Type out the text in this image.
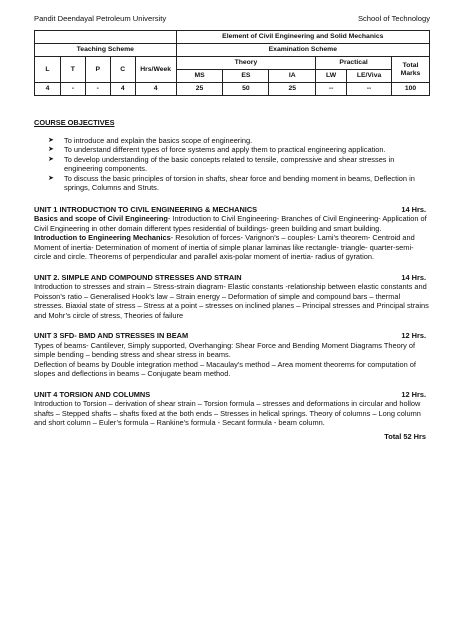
Pandit Deendayal Petroleum University	School of Technology
					Element of Civil Engineering and Solid Mechanics					
Teaching Scheme					Examination Scheme					
L	T	P	C	Hrs/Week	Theory			Practical		Total Marks
					MS	ES	IA	LW	LE/Viva	
4	-	-	4	4	25	50	25	--	--	100
COURSE OBJECTIVES
➤ To introduce and explain the basics scope of engineering.
➤ To understand different types of force systems and apply them to practical engineering application.
➤ To develop understanding of the basic concepts related to tensile, compressive and shear stresses in engineering components.
➤ To discuss the basic principles of torsion in shafts, shear force and bending moment in beams, Deflection in springs, Columns and Struts.
UNIT 1 INTRODUCTION TO CIVIL ENGINEERING & MECHANICS	14 Hrs.
Basics and scope of Civil Engineering- Introduction to Civil Engineering- Branches of Civil Engineering- Application of Civil Engineering in other domain different types residential of buildings- green building and smart building.
Introduction to Engineering Mechanics- Resolution of forces- Varignon’s – couples- Lami’s theorem- Centroid and Moment of inertia- Determination of moment of inertia of simple planar laminas like rectangle- triangle- quarter-semi-circle and circle. Theorems of perpendicular and parallel axis-polar moment of inertia- radius of gyration.
UNIT 2. SIMPLE AND COMPOUND STRESSES AND STRAIN	14 Hrs.
Introduction to stresses and strain – Stress-strain diagram- Elastic constants -relationship between elastic constants and Poisson’s ratio – Generalised Hook’s law – Strain energy – Deformation of simple and compound bars – thermal stresses. Biaxial state of stress – Stress at a point – stresses on inclined planes – Principal stresses and Principal strains and Mohr’s circle of stress, Theories of failure
UNIT 3 SFD- BMD AND STRESSES IN BEAM	12 Hrs.
Types of beams- Cantilever, Simply supported, Overhanging: Shear Force and Bending Moment Diagrams Theory of simple bending – bending stress and shear stress in beams.
Deflection of beams by Double integration method – Macaulay’s method – Area moment theorems for computation of slopes and deflections in beams – Conjugate beam method.
UNIT 4 TORSION AND COLUMNS	12 Hrs.
Introduction to Torsion – derivation of shear strain – Torsion formula – stresses and deformations in circular and hollow shafts – Stepped shafts – shafts fixed at the both ends – Stresses in helical springs. Theory of columns – Long column and short column – Euler’s formula – Rankine’s formula - Secant formula - beam column.
Total 52 Hrs
